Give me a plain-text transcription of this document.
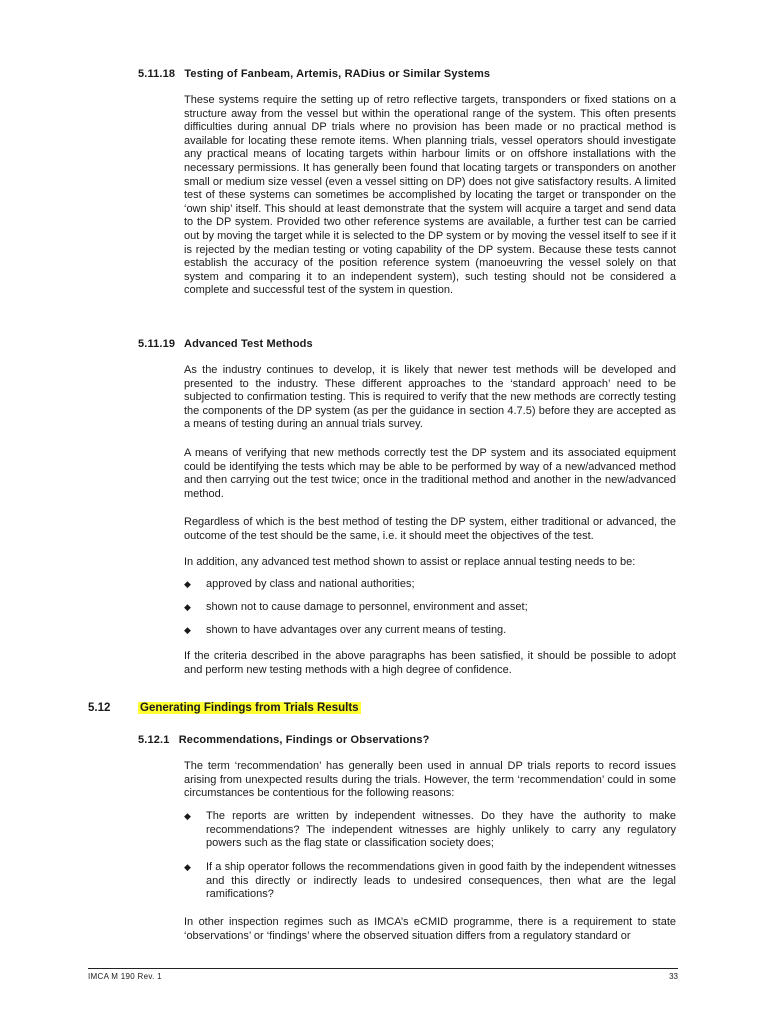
5.11.18 Testing of Fanbeam, Artemis, RADius or Similar Systems

These systems require the setting up of retro reflective targets, transponders or fixed stations on a structure away from the vessel but within the operational range of the system. This often presents difficulties during annual DP trials where no provision has been made or no practical method is available for locating these remote items. When planning trials, vessel operators should investigate any practical means of locating targets within harbour limits or on offshore installations with the necessary permissions. It has generally been found that locating targets or transponders on another small or medium size vessel (even a vessel sitting on DP) does not give satisfactory results. A limited test of these systems can sometimes be accomplished by locating the target or transponder on the ‘own ship’ itself. This should at least demonstrate that the system will acquire a target and send data to the DP system. Provided two other reference systems are available, a further test can be carried out by moving the target while it is selected to the DP system or by moving the vessel itself to see if it is rejected by the median testing or voting capability of the DP system. Because these tests cannot establish the accuracy of the position reference system (manoeuvring the vessel solely on that system and comparing it to an independent system), such testing should not be considered a complete and successful test of the system in question.

5.11.19 Advanced Test Methods

As the industry continues to develop, it is likely that newer test methods will be developed and presented to the industry. These different approaches to the ‘standard approach’ need to be subjected to confirmation testing. This is required to verify that the new methods are correctly testing the components of the DP system (as per the guidance in section 4.7.5) before they are accepted as a means of testing during an annual trials survey.

A means of verifying that new methods correctly test the DP system and its associated equipment could be identifying the tests which may be able to be performed by way of a new/advanced method and then carrying out the test twice; once in the traditional method and another in the new/advanced method.

Regardless of which is the best method of testing the DP system, either traditional or advanced, the outcome of the test should be the same, i.e. it should meet the objectives of the test.

In addition, any advanced test method shown to assist or replace annual testing needs to be:

◆ approved by class and national authorities;
◆ shown not to cause damage to personnel, environment and asset;
◆ shown to have advantages over any current means of testing.

If the criteria described in the above paragraphs has been satisfied, it should be possible to adopt and perform new testing methods with a high degree of confidence.

5.12	Generating Findings from Trials Results
5.12.1 Recommendations, Findings or Observations?

The term ‘recommendation’ has generally been used in annual DP trials reports to record issues arising from unexpected results during the trials. However, the term ‘recommendation’ could in some circumstances be contentious for the following reasons:

◆ The reports are written by independent witnesses. Do they have the authority to make recommendations? The independent witnesses are highly unlikely to carry any regulatory powers such as the flag state or classification society does;
◆ If a ship operator follows the recommendations given in good faith by the independent witnesses and this directly or indirectly leads to undesired consequences, then what are the legal ramifications?

In other inspection regimes such as IMCA’s eCMID programme, there is a requirement to state ‘observations’ or ‘findings’ where the observed situation differs from a regulatory standard or

IMCA M 190 Rev. 1	33
